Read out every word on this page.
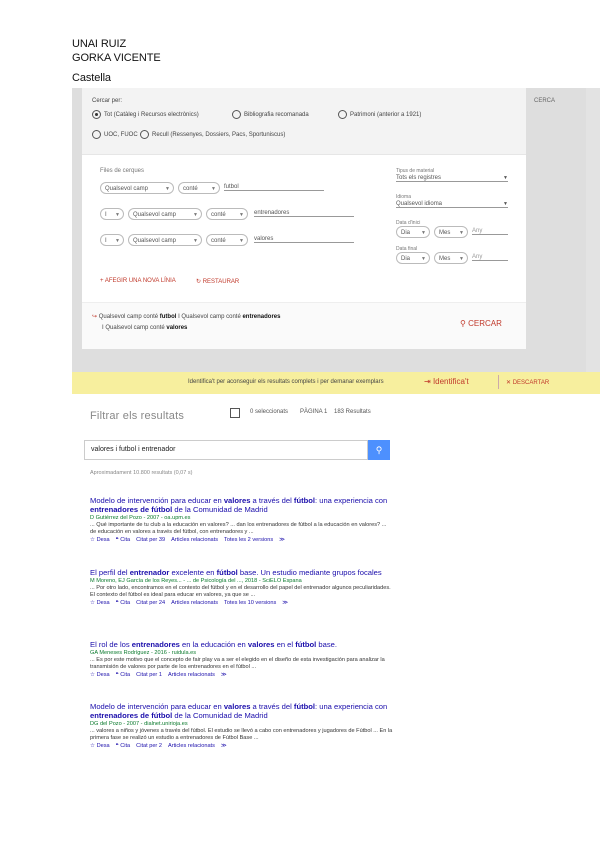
UNAI RUIZ
GORKA VICENTE
Castella
CERCA
Cercar per:
Tot (Catàleg i Recursos electrònics)	Bibliografia recomanada	Patrimoni (anterior a 1921)
UOC, FUOC	Recull (Ressenyes, Dossiers, Pacs, Sportuniscus)
Files de cerques
Qualsevol camp	▼	conté	▼ futbol
I ▼	Qualsevol camp	▼	conté	▼ entrenadores
I ▼	Qualsevol camp	▼	conté	▼ valores
Tipus de material
Tots els registres	▼
Idioma
Qualsevol idioma	▼
Data d'inici
Dia ▼	Mes ▼ Any
Data final
Dia ▼	Mes ▼ Any
+ AFEGIR UNA NOVA LÍNIA	↻ RESTAURAR
↪ Qualsevol camp conté futbol I Qualsevol camp conté entrenadores
I Qualsevol camp conté valores	⚲ CERCAR
Identifica't per aconseguir els resultats complets i per demanar exemplars	⇥ Identifica't	✕ DESCARTAR
Filtrar els resultats	0 seleccionats PÀGINA 1 183 Resultats
valores i futbol i entrenador	⚲
Aproximadament 10.800 resultats (0,07 s)
Modelo de intervención para educar en valores a través del fútbol: una experiencia con entrenadores de fútbol de la Comunidad de Madrid
D Gutiérrez del Pozo - 2007 - oa.upm.es
... Qué importante de tu club a la educación en valores? ... dan los entrenadores de fútbol a la educación en valores? ... de educación en valores a través del fútbol, con entrenadores y ...
☆ Desa ❝ Cita Citat per 39 Articles relacionats Totes les 2 versions ≫
El perfil del entrenador excelente en fútbol base. Un estudio mediante grupos focales
M Moreno, EJ García de los Reyes... - ... de Psicología del ..., 2018 - SciELO Espana
... Por otro lado, encontramos en el contexto del fútbol y en el desarrollo del papel del entrenador algunos peculiaridades. El contexto del fútbol es ideal para educar en valores, ya que se ...
☆ Desa ❝ Cita Citat per 24 Articles relacionats Totes les 10 versions ≫
El rol de los entrenadores en la educación en valores en el fútbol base.
GA Meneses Rodríguez - 2016 - ruidula.es
... Es por este motivo que el concepto de fair play va a ser el elegido en el diseño de esta investigación para analizar la transmisión de valores por parte de los entrenadores en el fútbol ...
☆ Desa ❝ Cita Citat per 1 Articles relacionats ≫
Modelo de intervención para educar en valores a través del fútbol: una experiencia con entrenadores de fútbol de la Comunidad de Madrid
DG del Pozo - 2007 - dialnet.unirioja.es
... valores a niños y jóvenes a través del fútbol. El estudio se llevó a cabo con entrenadores y jugadores de Fútbol ... En la primera fase se realizó un estudio a entrenadores de Fútbol Base ...
☆ Desa ❝ Cita Citat per 2 Articles relacionats ≫
